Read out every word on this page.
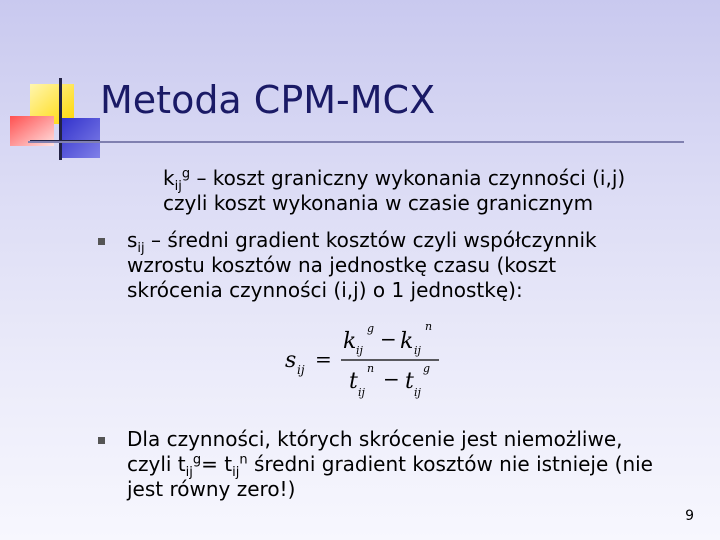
Metoda CPM-MCX
$k_{ij}^g$ – koszt graniczny wykonania czynności (i,j)
czyli koszt wykonania w czasie granicznym
$s_{ij}$ – średni gradient kosztów czyli współczynnik
wzrostu kosztów na jednostkę czasu (koszt
skrócenia czynności (i,j) o 1 jednostkę):
s ij =
k ij
g − k ij
n
t ij
n − t ij
g
Dla czynności, których skrócenie jest niemożliwe,
czyli $t_{ij}^g= t_{ij}^n$ średni gradient kosztów nie istnieje (nie
jest równy zero!)
9
